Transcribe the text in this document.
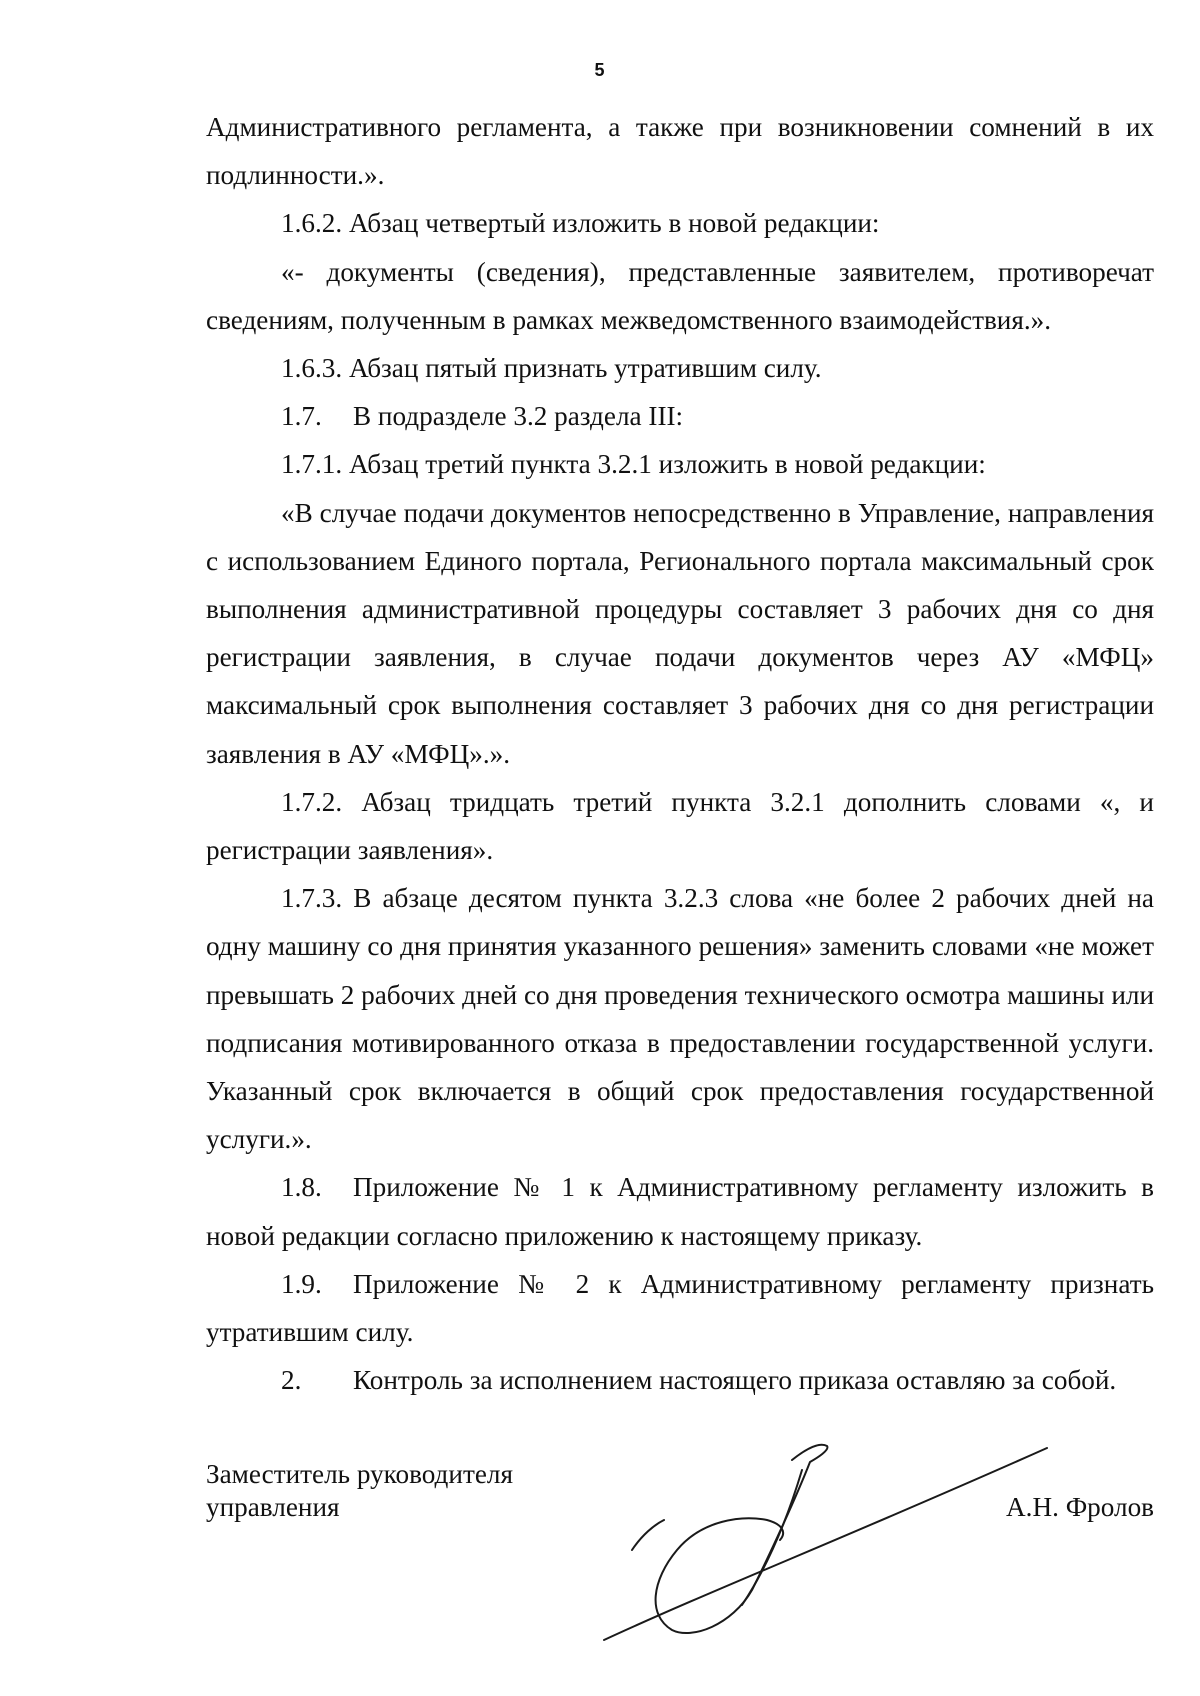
5

Административного регламента, а также при возникновении сомнений в их подлинности.».

1.6.2. Абзац четвертый изложить в новой редакции:

«- документы (сведения), представленные заявителем, противоречат сведениям, полученным в рамках межведомственного взаимодействия.».

1.6.3. Абзац пятый признать утратившим силу.

1.7. В подразделе 3.2 раздела III:

1.7.1. Абзац третий пункта 3.2.1 изложить в новой редакции:

«В случае подачи документов непосредственно в Управление, направления с использованием Единого портала, Регионального портала максимальный срок выполнения административной процедуры составляет 3 рабочих дня со дня регистрации заявления, в случае подачи документов через АУ «МФЦ» максимальный срок выполнения составляет 3 рабочих дня со дня регистрации заявления в АУ «МФЦ».».

1.7.2. Абзац тридцать третий пункта 3.2.1 дополнить словами «, и регистрации заявления».

1.7.3. В абзаце десятом пункта 3.2.3 слова «не более 2 рабочих дней на одну машину со дня принятия указанного решения» заменить словами «не может превышать 2 рабочих дней со дня проведения технического осмотра машины или подписания мотивированного отказа в предоставлении государственной услуги. Указанный срок включается в общий срок предоставления государственной услуги.».

1.8. Приложение № 1 к Административному регламенту изложить в новой редакции согласно приложению к настоящему приказу.

1.9. Приложение № 2 к Административному регламенту признать утратившим силу.

2. Контроль за исполнением настоящего приказа оставляю за собой.

Заместитель руководителя
управления	А.Н. Фролов
